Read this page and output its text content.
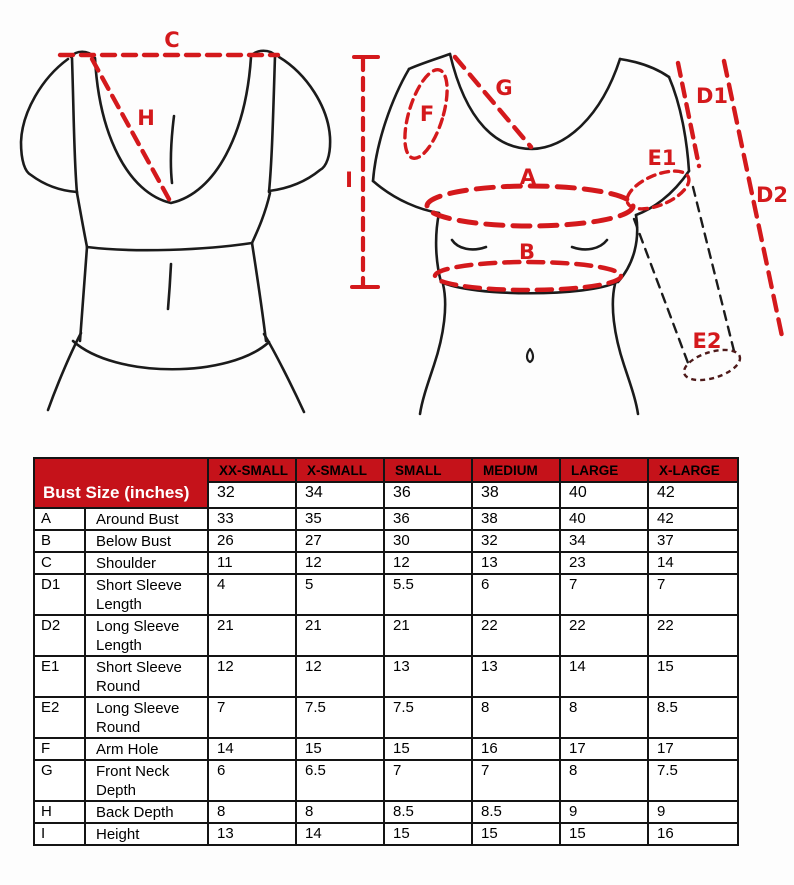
C
H
I
F
G
A
B
D1
D2
E1
E2
Bust Size (inches)		XX-SMALL	X-SMALL	SMALL	MEDIUM	LARGE	X-LARGE
		32	34	36	38	40	42
A	Around Bust	33	35	36	38	40	42
B	Below Bust	26	27	30	32	34	37
C	Shoulder	11	12	12	13	23	14
D1	Short Sleeve Length	4	5	5.5	6	7	7
D2	Long Sleeve Length	21	21	21	22	22	22
E1	Short Sleeve Round	12	12	13	13	14	15
E2	Long Sleeve Round	7	7.5	7.5	8	8	8.5
F	Arm Hole	14	15	15	16	17	17
G	Front Neck Depth	6	6.5	7	7	8	7.5
H	Back Depth	8	8	8.5	8.5	9	9
I	Height	13	14	15	15	15	16
